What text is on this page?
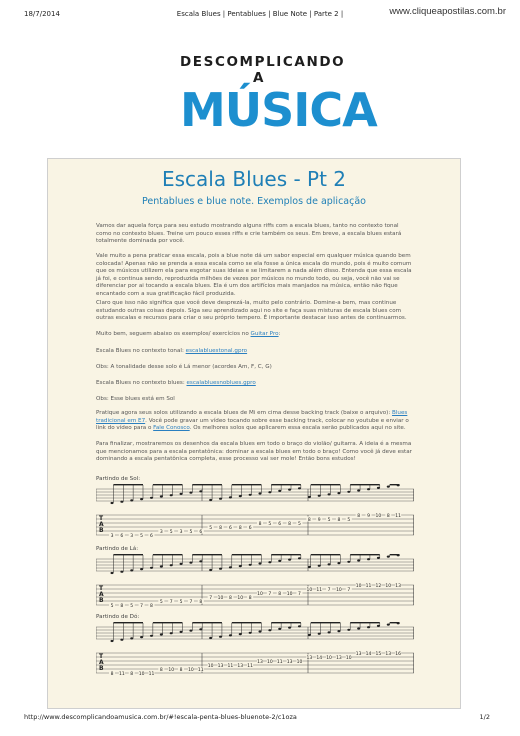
18/7/2014	Escala Blues | Pentablues | Blue Note | Parte 2 |	www.cliqueapostilas.com.br
DESCOMPLICANDO A
MÚSICA
Escala Blues - Pt 2
Pentablues e blue note. Exemplos de aplicação
Vamos dar aquela força para seu estudo mostrando alguns riffs com a escala blues, tanto no contexto tonal como no contexto blues. Treine um pouco esses riffs e crie também os seus. Em breve, a escala blues estará totalmente dominada por você.
Vale muito a pena praticar essa escala, pois a blue note dá um sabor especial em qualquer música quando bem colocada! Apenas não se prenda a essa escala como se ela fosse a única escala do mundo, pois é muito comum que os músicos utilizem ela para esgotar suas ideias e se limitarem a nada além disso. Entenda que essa escala já foi, e continua sendo, reproduzida milhões de vezes por músicos no mundo todo, ou seja, você não vai se diferenciar por ai tocando a escala blues. Ela é um dos artifícios mais manjados na música, então não fique encantado com a sua gratificação fácil produzida.
Claro que isso não significa que você deve desprezá-la, muito pelo contrário. Domine-a bem, mas continue estudando outras coisas depois. Siga seu aprendizado aqui no site e faça suas misturas de escala blues com outras escalas e recursos para criar o seu próprio tempero. É importante destacar isso antes de continuarmos.
Muito bem, seguem abaixo os exemplos/ exercícios no Guitar Pro:
Escala Blues no contexto tonal: escalabluestonal.gpro
Obs: A tonalidade desse solo é Lá menor (acordes Am, F, C, G)
Escala Blues no contexto blues: escalabluesnoblues.gpro
Obs: Esse blues está em Sol
Pratique agora seus solos utilizando a escala blues de Mi em cima desse backing track (baixe o arquivo): Blues tradicional em E7. Você pode gravar um vídeo tocando sobre esse backing track, colocar no youtube e enviar o link do vídeo para o Fale Conosco. Os melhores solos que aplicarem essa escala serão publicados aqui no site.
Para finalizar, mostraremos os desenhos da escala blues em todo o braço do violão/ guitarra. A ideia é a mesma que mencionamos para a escala pentatônica: dominar a escala blues em todo o braço! Como você já deve estar dominando a escala pentatônica completa, esse processo vai ser mole! Então bons estudos!
Partindo de Sol:
T
A
B
3 6 3 5 6
3 5 3 5 6
5 8 6 8 6
8 5 6 8 5
8 9 5 8 5
8 9 10 8 11
Partindo de Lá:
T
A
B
5 8 5 7 8
5 7 5 7 8
7 10 8 10 8
10 7 8 10 7
10 11 7 10 7
10 11 12 10 13
Partindo de Dó:
T
A
B
8 11 8 10 11
8 10 8 10 11
10 13 11 13 11
13 10 11 13 10
13 14 10 13 10
13 14 15 13 16
http://www.descomplicandoamusica.com.br/#!escala-penta-blues-bluenote-2/c1oza	1/2
